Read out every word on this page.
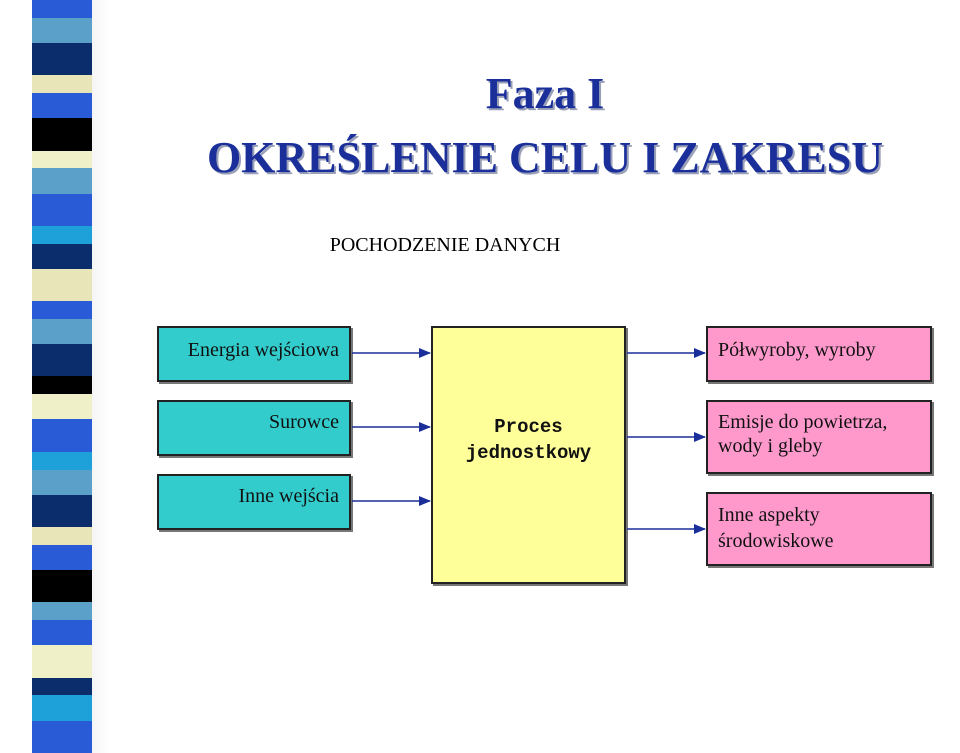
Faza I
OKREŚLENIE CELU I ZAKRESU
POCHODZENIE DANYCH
Energia wejściowa
Surowce
Inne wejścia
Proces
jednostkowy
Półwyroby, wyroby
Emisje do powietrza,
wody i gleby
Inne aspekty
środowiskowe
